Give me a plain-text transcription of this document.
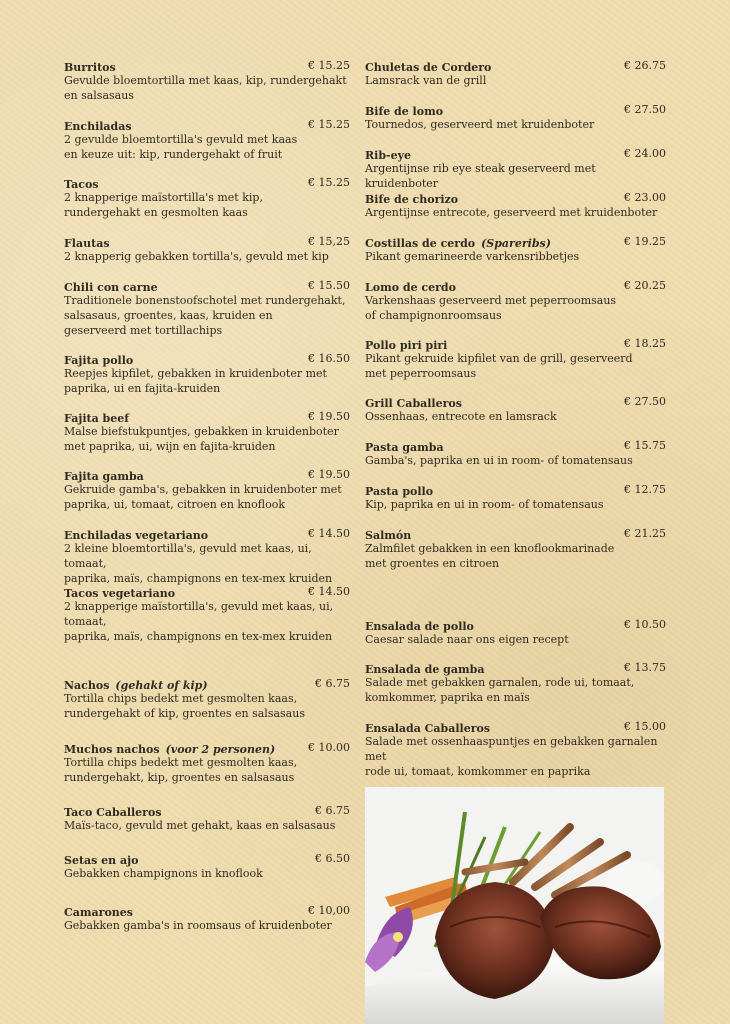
Burritos	€ 15.25
Gevulde bloemtortilla met kaas, kip, rundergehakt
en salsasaus
Enchiladas	€ 15.25
2 gevulde bloemtortilla's gevuld met kaas
en keuze uit: kip, rundergehakt of fruit
Tacos	€ 15.25
2 knapperige maïstortilla's met kip,
rundergehakt en gesmolten kaas
Flautas	€ 15,25
2 knapperig gebakken tortilla's, gevuld met kip
Chili con carne	€ 15.50
Traditionele bonenstoofschotel met rundergehakt,
salsasaus, groentes, kaas, kruiden en
geserveerd met tortillachips
Fajita pollo	€ 16.50
Reepjes kipfilet, gebakken in kruidenboter met
paprika, ui en fajita-kruiden
Fajita beef	€ 19.50
Malse biefstukpuntjes, gebakken in kruidenboter
met paprika, ui, wijn en fajita-kruiden
Fajita gamba	€ 19.50
Gekruide gamba's, gebakken in kruidenboter met
paprika, ui, tomaat, citroen en knoflook
Enchiladas vegetariano	€ 14.50
2 kleine bloemtortilla's, gevuld met kaas, ui, tomaat,
paprika, maïs, champignons en tex-mex kruiden
Tacos vegetariano	€ 14.50
2 knapperige maïstortilla's, gevuld met kaas, ui, tomaat,
paprika, maïs, champignons en tex-mex kruiden
Nachos (gehakt of kip)	€ 6.75
Tortilla chips bedekt met gesmolten kaas,
rundergehakt of kip, groentes en salsasaus
Muchos nachos (voor 2 personen)	€ 10.00
Tortilla chips bedekt met gesmolten kaas,
rundergehakt, kip, groentes en salsasaus
Taco Caballeros	€ 6.75
Maïs-taco, gevuld met gehakt, kaas en salsasaus
Setas en ajo	€ 6.50
Gebakken champignons in knoflook
Camarones	€ 10,00
Gebakken gamba's in roomsaus of kruidenboter
Chuletas de Cordero	€ 26.75
Lamsrack van de grill
Bife de lomo	€ 27.50
Tournedos, geserveerd met kruidenboter
Rib-eye	€ 24.00
Argentijnse rib eye steak geserveerd met kruidenboter
Bife de chorizo	€ 23.00
Argentijnse entrecote, geserveerd met kruidenboter
Costillas de cerdo (Spareribs)	€ 19.25
Pikant gemarineerde varkensribbetjes
Lomo de cerdo	€ 20.25
Varkenshaas geserveerd met peperroomsaus
of champignonroomsaus
Pollo piri piri	€ 18.25
Pikant gekruide kipfilet van de grill, geserveerd
met peperroomsaus
Grill Caballeros	€ 27.50
Ossenhaas, entrecote en lamsrack
Pasta gamba	€ 15.75
Gamba's, paprika en ui in room- of tomatensaus
Pasta pollo	€ 12.75
Kip, paprika en ui in room- of tomatensaus
Salmón	€ 21.25
Zalmfilet gebakken in een knoflookmarinade
met groentes en citroen
Ensalada de pollo	€ 10.50
Caesar salade naar ons eigen recept
Ensalada de gamba	€ 13.75
Salade met gebakken garnalen, rode ui, tomaat,
komkommer, paprika en maïs
Ensalada Caballeros	€ 15.00
Salade met ossenhaaspuntjes en gebakken garnalen met
rode ui, tomaat, komkommer en paprika
